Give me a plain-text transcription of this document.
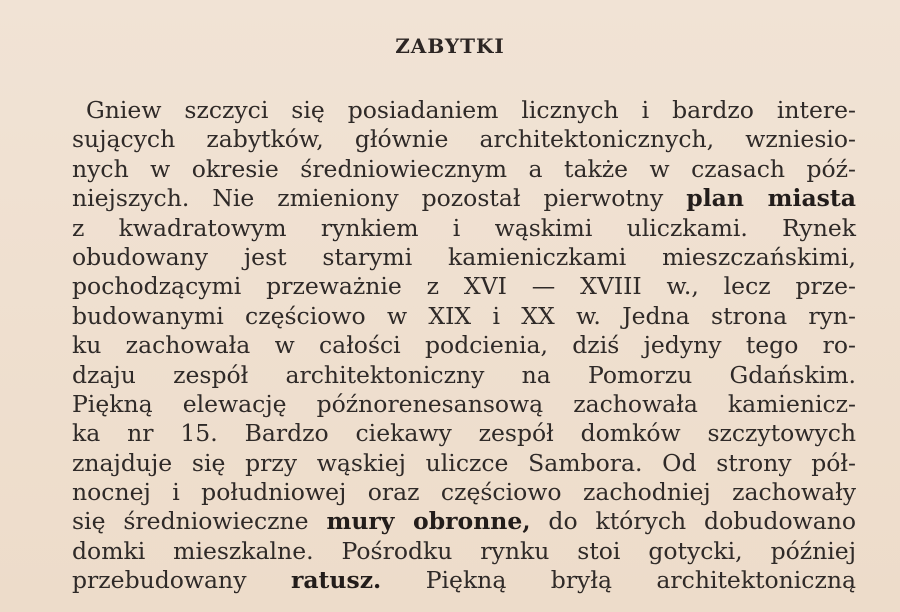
ZABYTKI
Gniew szczyci się posiadaniem licznych i bardzo intere-
sujących zabytków, głównie architektonicznych, wzniesio-
nych w okresie średniowiecznym a także w czasach póź-
niejszych. Nie zmieniony pozostał pierwotny plan miasta
z kwadratowym rynkiem i wąskimi uliczkami. Rynek
obudowany jest starymi kamieniczkami mieszczańskimi,
pochodzącymi przeważnie z XVI — XVIII w., lecz prze-
budowanymi częściowo w XIX i XX w. Jedna strona ryn-
ku zachowała w całości podcienia, dziś jedyny tego ro-
dzaju zespół architektoniczny na Pomorzu Gdańskim.
Piękną elewację późnorenesansową zachowała kamienicz-
ka nr 15. Bardzo ciekawy zespół domków szczytowych
znajduje się przy wąskiej uliczce Sambora. Od strony pół-
nocnej i południowej oraz częściowo zachodniej zachowały
się średniowieczne mury obronne, do których dobudowano
domki mieszkalne. Pośrodku rynku stoi gotycki, później
przebudowany ratusz. Piękną bryłą architektoniczną
